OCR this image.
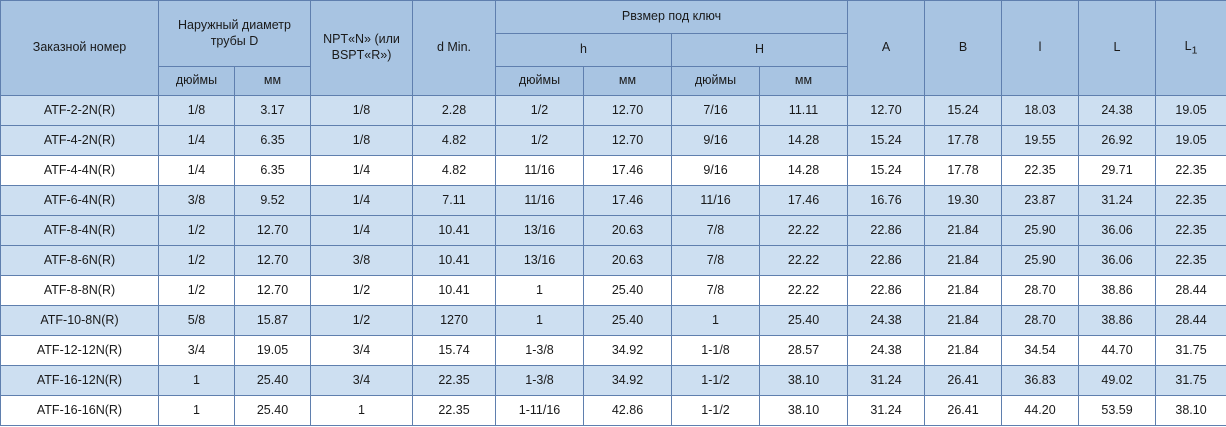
Заказной номер	Наружный диаметр трубы D		NPT«N» (или BSPT«R»)	d Min.	Рвзмер под ключ				A	B	l	L	$L_1$
					h		H						
	дюймы	мм			дюймы	мм	дюймы	мм					
ATF-2-2N(R)	1/8	3.17	1/8	2.28	1/2	12.70	7/16	11.11	12.70	15.24	18.03	24.38	19.05
ATF-4-2N(R)	1/4	6.35	1/8	4.82	1/2	12.70	9/16	14.28	15.24	17.78	19.55	26.92	19.05
ATF-4-4N(R)	1/4	6.35	1/4	4.82	11/16	17.46	9/16	14.28	15.24	17.78	22.35	29.71	22.35
ATF-6-4N(R)	3/8	9.52	1/4	7.11	11/16	17.46	11/16	17.46	16.76	19.30	23.87	31.24	22.35
ATF-8-4N(R)	1/2	12.70	1/4	10.41	13/16	20.63	7/8	22.22	22.86	21.84	25.90	36.06	22.35
ATF-8-6N(R)	1/2	12.70	3/8	10.41	13/16	20.63	7/8	22.22	22.86	21.84	25.90	36.06	22.35
ATF-8-8N(R)	1/2	12.70	1/2	10.41	1	25.40	7/8	22.22	22.86	21.84	28.70	38.86	28.44
ATF-10-8N(R)	5/8	15.87	1/2	1270	1	25.40	1	25.40	24.38	21.84	28.70	38.86	28.44
ATF-12-12N(R)	3/4	19.05	3/4	15.74	1-3/8	34.92	1-1/8	28.57	24.38	21.84	34.54	44.70	31.75
ATF-16-12N(R)	1	25.40	3/4	22.35	1-3/8	34.92	1-1/2	38.10	31.24	26.41	36.83	49.02	31.75
ATF-16-16N(R)	1	25.40	1	22.35	1-11/16	42.86	1-1/2	38.10	31.24	26.41	44.20	53.59	38.10
